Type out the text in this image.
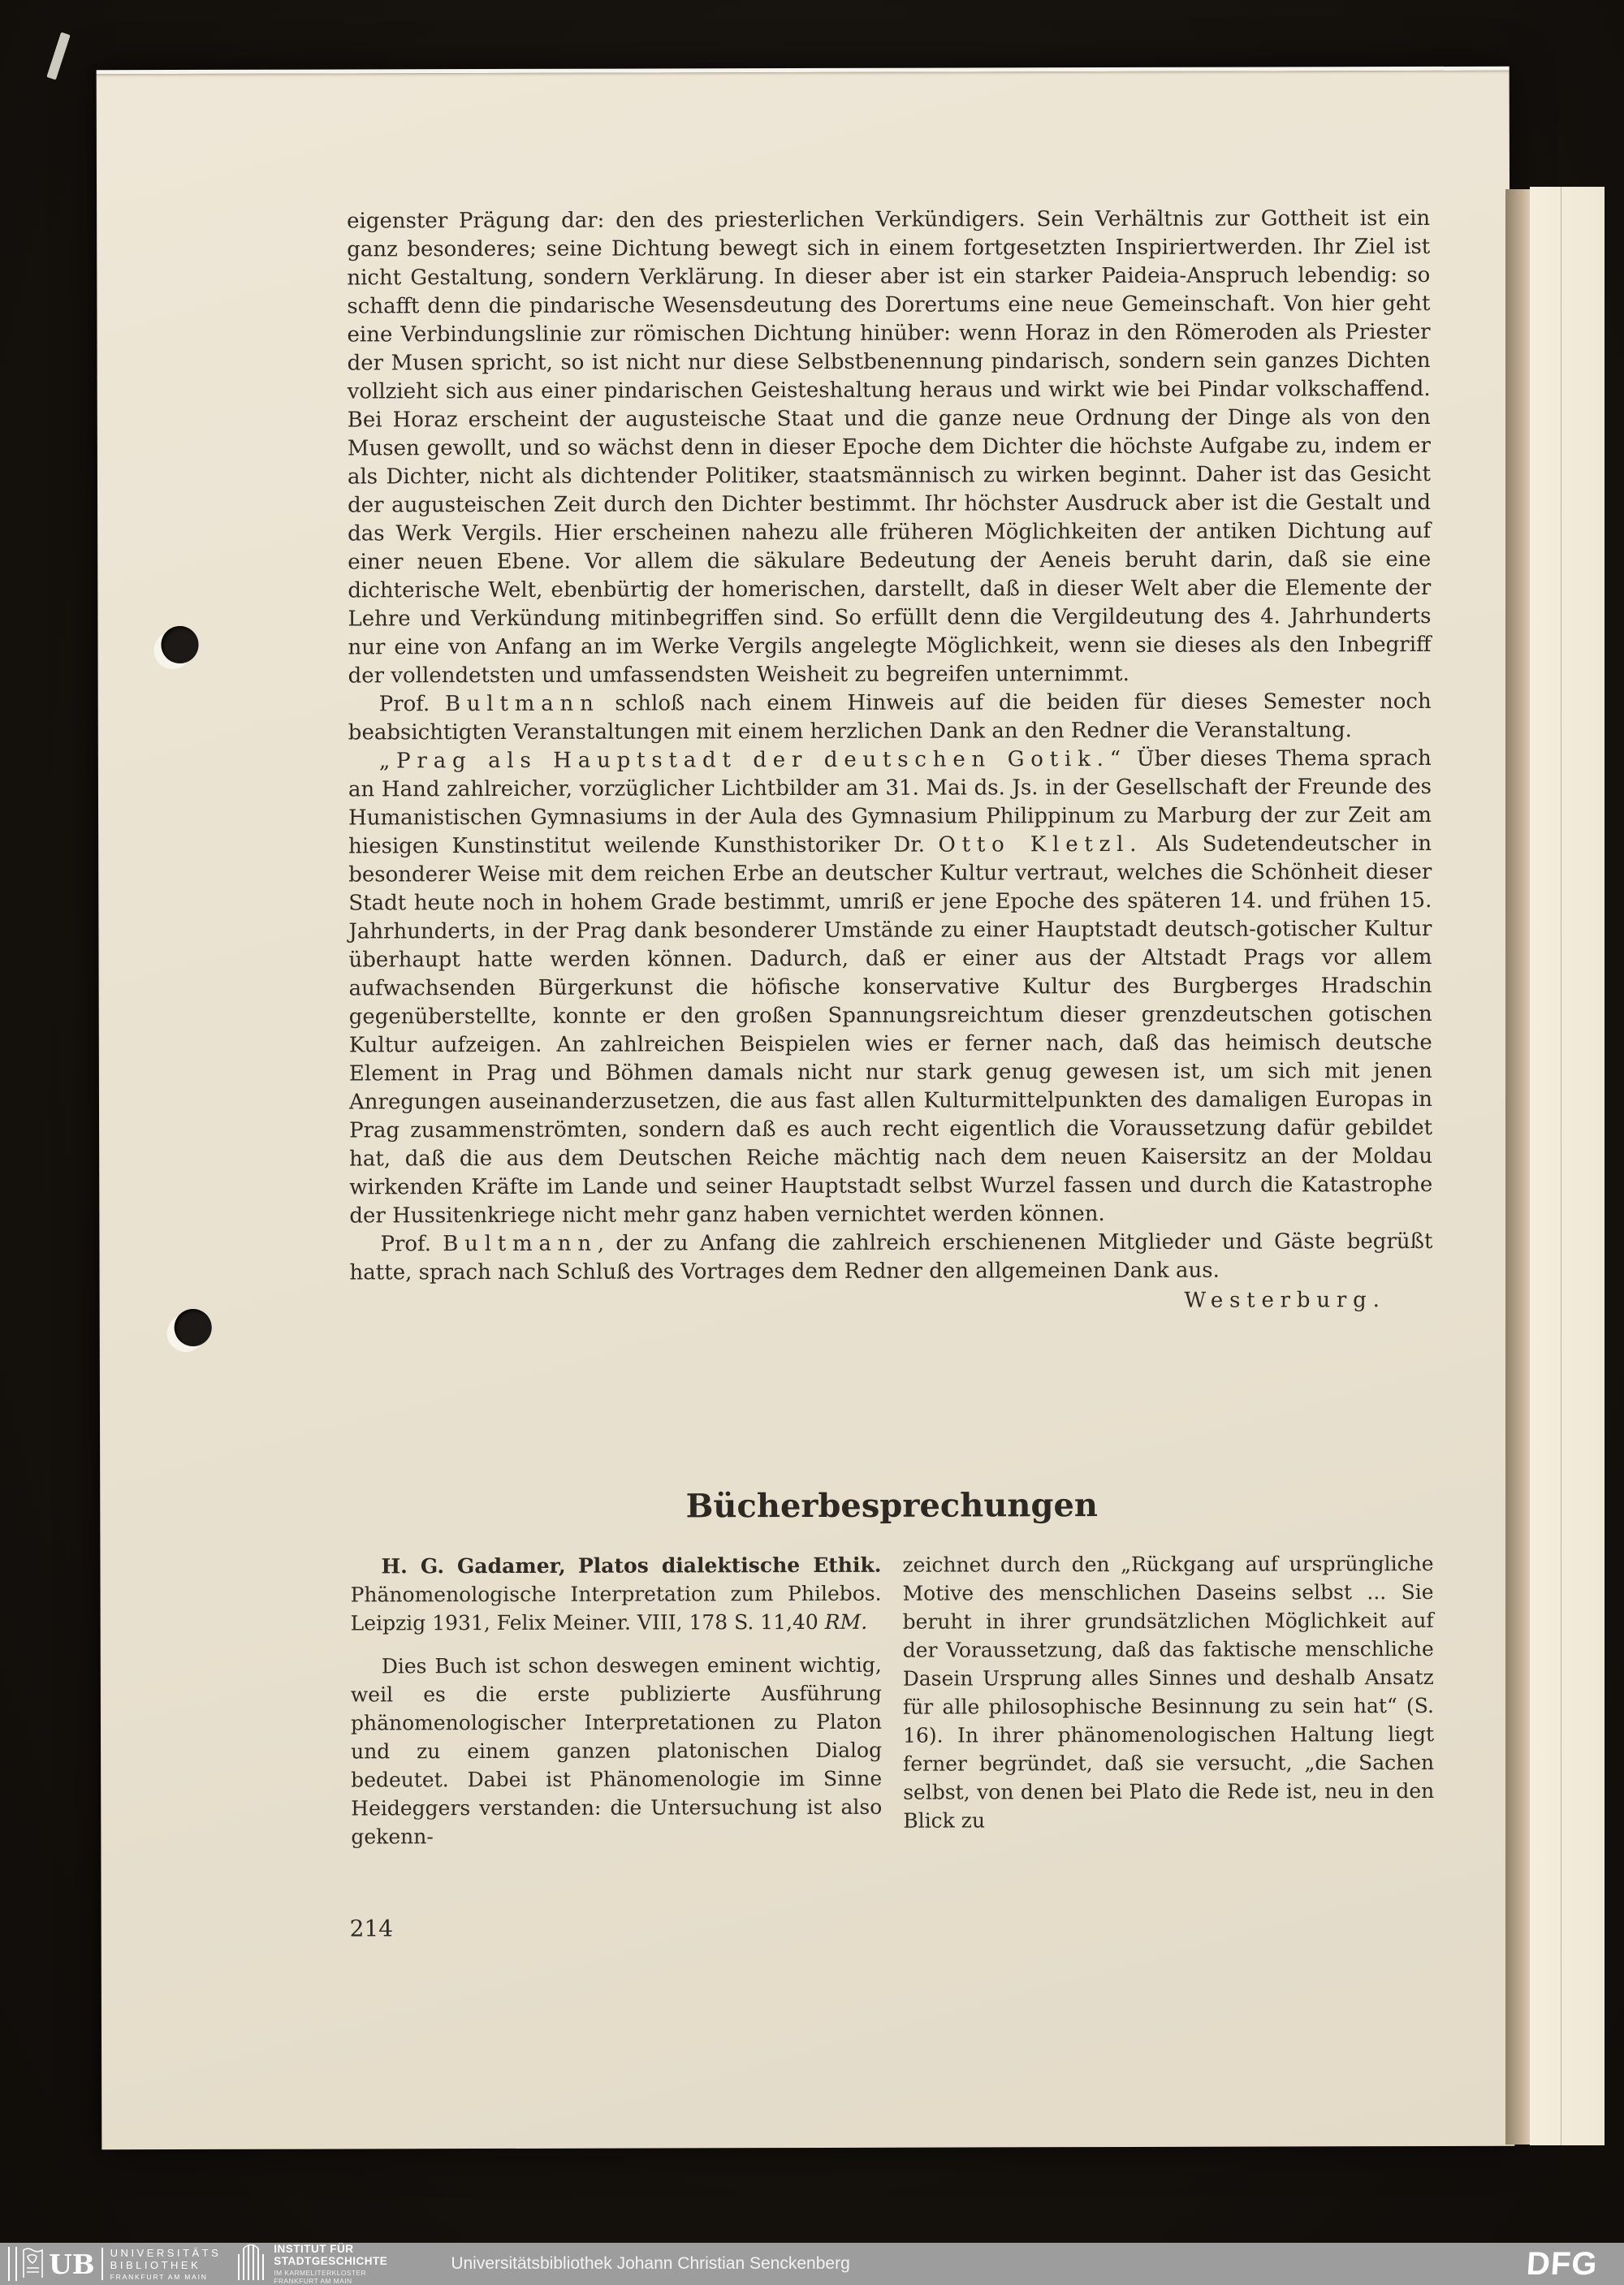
eigenster Prägung dar: den des priesterlichen Verkündigers. Sein Verhältnis zur Gottheit ist ein ganz besonderes; seine Dichtung bewegt sich in einem fortgesetzten Inspiriertwerden. Ihr Ziel ist nicht Gestaltung, sondern Verklärung. In dieser aber ist ein starker Paideia-Anspruch lebendig: so schafft denn die pindarische Wesensdeutung des Dorertums eine neue Gemeinschaft. Von hier geht eine Verbindungslinie zur römischen Dichtung hinüber: wenn Horaz in den Römeroden als Priester der Musen spricht, so ist nicht nur diese Selbstbenennung pindarisch, sondern sein ganzes Dichten vollzieht sich aus einer pindarischen Geisteshaltung heraus und wirkt wie bei Pindar volkschaffend. Bei Horaz erscheint der augusteische Staat und die ganze neue Ordnung der Dinge als von den Musen gewollt, und so wächst denn in dieser Epoche dem Dichter die höchste Aufgabe zu, indem er als Dichter, nicht als dichtender Politiker, staatsmännisch zu wirken beginnt. Daher ist das Gesicht der augusteischen Zeit durch den Dichter bestimmt. Ihr höchster Ausdruck aber ist die Gestalt und das Werk Vergils. Hier erscheinen nahezu alle früheren Möglichkeiten der antiken Dichtung auf einer neuen Ebene. Vor allem die säkulare Bedeutung der Aeneis beruht darin, daß sie eine dichterische Welt, ebenbürtig der homerischen, darstellt, daß in dieser Welt aber die Elemente der Lehre und Verkündung mitinbegriffen sind. So erfüllt denn die Vergildeutung des 4. Jahrhunderts nur eine von Anfang an im Werke Vergils angelegte Möglichkeit, wenn sie dieses als den Inbegriff der vollendetsten und umfassendsten Weisheit zu begreifen unternimmt.

Prof. Bultmann schloß nach einem Hinweis auf die beiden für dieses Semester noch beabsichtigten Veranstaltungen mit einem herzlichen Dank an den Redner die Veranstaltung.

„Prag als Hauptstadt der deutschen Gotik.“ Über dieses Thema sprach an Hand zahlreicher, vorzüglicher Lichtbilder am 31. Mai ds. Js. in der Gesellschaft der Freunde des Humanistischen Gymnasiums in der Aula des Gymnasium Philippinum zu Marburg der zur Zeit am hiesigen Kunstinstitut weilende Kunsthistoriker Dr. Otto Kletzl. Als Sudetendeutscher in besonderer Weise mit dem reichen Erbe an deutscher Kultur vertraut, welches die Schönheit dieser Stadt heute noch in hohem Grade bestimmt, umriß er jene Epoche des späteren 14. und frühen 15. Jahrhunderts, in der Prag dank besonderer Umstände zu einer Hauptstadt deutsch-gotischer Kultur überhaupt hatte werden können. Dadurch, daß er einer aus der Altstadt Prags vor allem aufwachsenden Bürgerkunst die höfische konservative Kultur des Burgberges Hradschin gegenüberstellte, konnte er den großen Spannungsreichtum dieser grenzdeutschen gotischen Kultur aufzeigen. An zahlreichen Beispielen wies er ferner nach, daß das heimisch deutsche Element in Prag und Böhmen damals nicht nur stark genug gewesen ist, um sich mit jenen Anregungen auseinanderzusetzen, die aus fast allen Kulturmittelpunkten des damaligen Europas in Prag zusammenströmten, sondern daß es auch recht eigentlich die Voraussetzung dafür gebildet hat, daß die aus dem Deutschen Reiche mächtig nach dem neuen Kaisersitz an der Moldau wirkenden Kräfte im Lande und seiner Hauptstadt selbst Wurzel fassen und durch die Katastrophe der Hussitenkriege nicht mehr ganz haben vernichtet werden können.

Prof. Bultmann, der zu Anfang die zahlreich erschienenen Mitglieder und Gäste begrüßt hatte, sprach nach Schluß des Vortrages dem Redner den allgemeinen Dank aus.

Westerburg.

Bücherbesprechungen

H. G. Gadamer, Platos dialektische Ethik. Phänomenologische Interpretation zum Philebos. Leipzig 1931, Felix Meiner. VIII, 178 S. 11,40 RM.

Dies Buch ist schon deswegen eminent wichtig, weil es die erste publizierte Ausführung phänomenologischer Interpretationen zu Platon und zu einem ganzen platonischen Dialog bedeutet. Dabei ist Phänomenologie im Sinne Heideggers verstanden: die Untersuchung ist also gekenn-

zeichnet durch den „Rückgang auf ursprüngliche Motive des menschlichen Daseins selbst ... Sie beruht in ihrer grundsätzlichen Möglichkeit auf der Voraussetzung, daß das faktische menschliche Dasein Ursprung alles Sinnes und deshalb Ansatz für alle philosophische Besinnung zu sein hat“ (S. 16). In ihrer phänomenologischen Haltung liegt ferner begründet, daß sie versucht, „die Sachen selbst, von denen bei Plato die Rede ist, neu in den Blick zu

214
UB UNIVERSITÄTS
BIBLIOTHEK
FRANKFURT AM MAIN
INSTITUT FÜR
STADTGESCHICHTE
IM KARMELITERKLOSTER
FRANKFURT AM MAIN
Universitätsbibliothek Johann Christian Senckenberg	DFG
